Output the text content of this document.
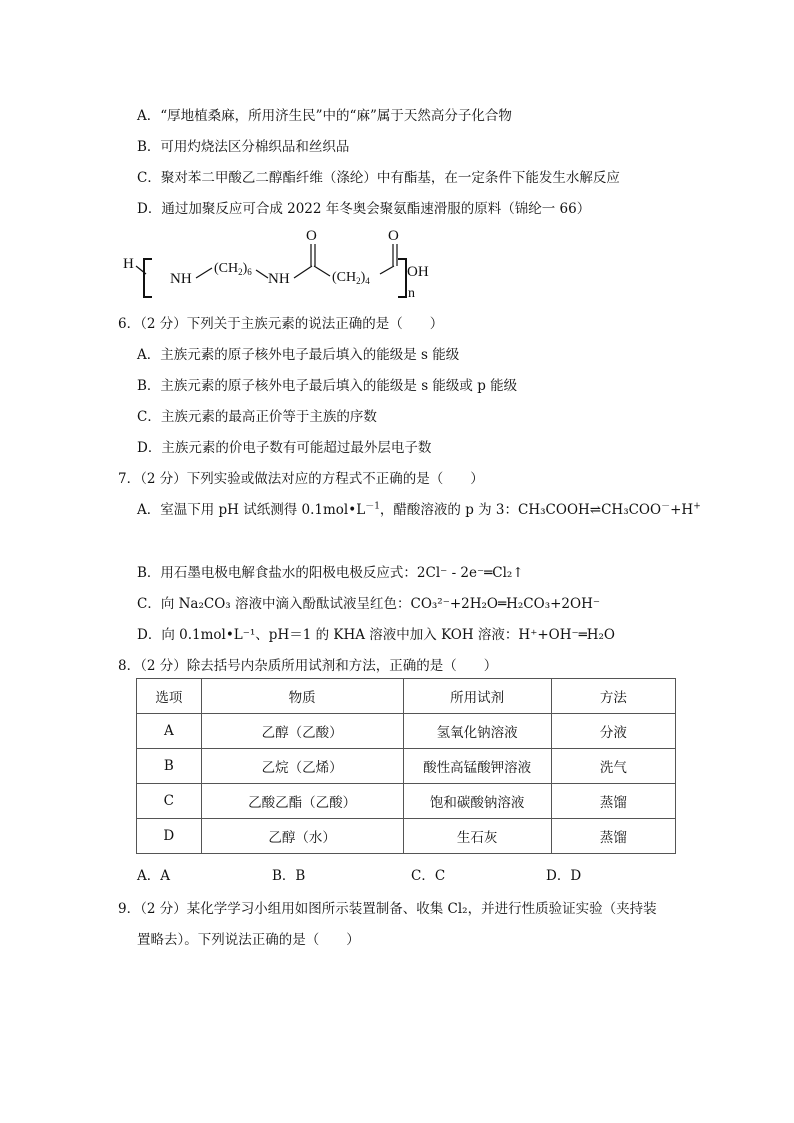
A．“厚地植桑麻，所用济生民”中的“麻”属于天然高分子化合物
B．可用灼烧法区分棉织品和丝织品
C．聚对苯二甲酸乙二醇酯纤维（涤纶）中有酯基，在一定条件下能发生水解反应
D．通过加聚反应可合成 2022 年冬奥会聚氨酯速滑服的原料（锦纶一 66）
H
NH
$(CH_2)_6$ NH
O
$(CH_2)_4$
O
OH
n
6．（2 分）下列关于主族元素的说法正确的是（　　）
A．主族元素的原子核外电子最后填入的能级是 s 能级
B．主族元素的原子核外电子最后填入的能级是 s 能级或 p 能级
C．主族元素的最高正价等于主族的序数
D．主族元素的价电子数有可能超过最外层电子数
7．（2 分）下列实验或做法对应的方程式不正确的是（　　）
A．室温下用 pH 试纸测得 $0.1mol•L^{-1}$，醋酸溶液的 p 为 3：CH₃COOH⇌CH₃COO－+H+
B．用石墨电极电解食盐水的阳极电极反应式：2Cl⁻ - 2e⁻═Cl₂↑
C．向 Na₂CO₃ 溶液中滴入酚酞试液呈红色：CO₃²⁻+2H₂O═H₂CO₃+2OH⁻
D．向 0.1mol•L⁻¹、pH＝1 的 KHA 溶液中加入 KOH 溶液：H⁺+OH⁻═H₂O
8．（2 分）除去括号内杂质所用试剂和方法，正确的是（　　）
选项	物质	所用试剂	方法
A	乙醇（乙酸）	氢氧化钠溶液	分液
B	乙烷（乙烯）	酸性高锰酸钾溶液	洗气
C	乙酸乙酯（乙酸）	饱和碳酸钠溶液	蒸馏
D	乙醇（水）	生石灰	蒸馏
A．A	B．B	C．C	D．D
9．（2 分）某化学学习小组用如图所示装置制备、收集 Cl₂，并进行性质验证实验（夹持装
置略去）。下列说法正确的是（　　）
